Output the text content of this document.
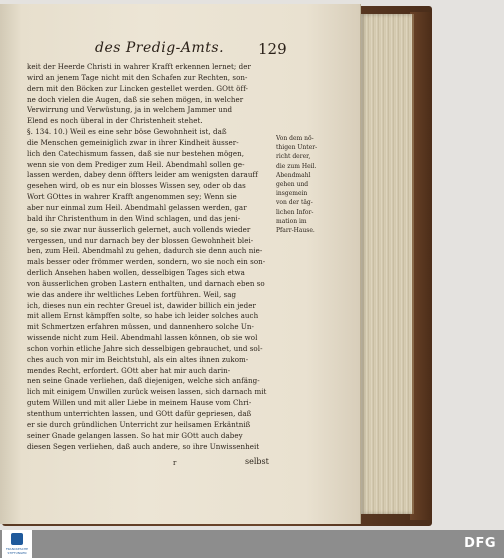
des Predig-Amts. 129
keit der Heerde Christi in wahrer Krafft erkennen lernet; der
wird an jenem Tage nicht mit den Schafen zur Rechten, son-
dern mit den Böcken zur Lincken gestellet werden. GOtt öff-
ne doch vielen die Augen, daß sie sehen mögen, in welcher
Verwirrung und Verwüstung, ja in welchem Jammer und
Elend es noch überal in der Christenheit stehet.
§. 134. 10.) Weil es eine sehr böse Gewohnheit ist, daß
die Menschen gemeiniglich zwar in ihrer Kindheit äusser-
lich den Catechismum fassen, daß sie nur bestehen mögen,
wenn sie von dem Prediger zum Heil. Abendmahl sollen ge-
lassen werden, dabey denn öffters leider am wenigsten darauff
gesehen wird, ob es nur ein blosses Wissen sey, oder ob das
Wort GOttes in wahrer Krafft angenommen sey; Wenn sie
aber nur einmal zum Heil. Abendmahl gelassen werden, gar
bald ihr Christenthum in den Wind schlagen, und das jeni-
ge, so sie zwar nur äusserlich gelernet, auch vollends wieder
vergessen, und nur darnach bey der blossen Gewohnheit blei-
ben, zum Heil. Abendmahl zu gehen, dadurch sie denn auch nie-
mals besser oder frömmer werden, sondern, wo sie noch ein son-
derlich Ansehen haben wollen, desselbigen Tages sich etwa
von äusserlichen groben Lastern enthalten, und darnach eben so
wie das andere ihr weltliches Leben fortführen. Weil, sag
ich, dieses nun ein rechter Greuel ist, dawider billich ein jeder
mit allem Ernst kämpffen solte, so habe ich leider solches auch
mit Schmertzen erfahren müssen, und dannenhero solche Un-
wissende nicht zum Heil. Abendmahl lassen können, ob sie wol
schon vorhin etliche Jahre sich desselbigen gebrauchet, und sol-
ches auch von mir im Beichtstuhl, als ein altes ihnen zukom-
mendes Recht, erfordert. GOtt aber hat mir auch darin-
nen seine Gnade verliehen, daß diejenigen, welche sich anfäng-
lich mit einigem Unwillen zurück weisen lassen, sich darnach mit
gutem Willen und mit aller Liebe in meinem Hause vom Chri-
stenthum unterrichten lassen, und GOtt dafür gepriesen, daß
er sie durch gründlichen Unterricht zur heilsamen Erkäntniß
seiner Gnade gelangen lassen. So hat mir GOtt auch dabey
diesen Segen verliehen, daß auch andere, so ihre Unwissenheit
Von dem nö-
thigen Unter-
richt derer,
die zum Heil.
Abendmahl
gehen und
insgemein
von der täg-
lichen Infor-
mation im
Pfarr-Hause.
r	selbst
FRANCKESCHE STIFTUNGEN
DFG
